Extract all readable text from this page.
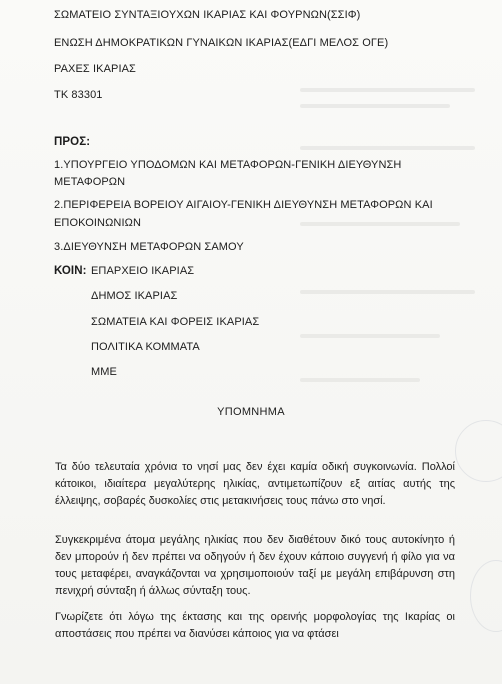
ΣΩΜΑΤΕΙΟ ΣΥΝΤΑΞΙΟΥΧΩΝ ΙΚΑΡΙΑΣ ΚΑΙ ΦΟΥΡΝΩΝ(ΣΣΙΦ)
ΕΝΩΣΗ ΔΗΜΟΚΡΑΤΙΚΩΝ ΓΥΝΑΙΚΩΝ ΙΚΑΡΙΑΣ(ΕΔΓΙ ΜΕΛΟΣ ΟΓΕ)
ΡΑΧΕΣ ΙΚΑΡΙΑΣ
ΤΚ 83301
ΠΡΟΣ:
1.ΥΠΟΥΡΓΕΙΟ ΥΠΟΔΟΜΩΝ ΚΑΙ ΜΕΤΑΦΟΡΩΝ-ΓΕΝΙΚΗ ΔΙΕΥΘΥΝΣΗ
ΜΕΤΑΦΟΡΩΝ
2.ΠΕΡΙΦΕΡΕΙΑ ΒΟΡΕΙΟΥ ΑΙΓΑΙΟΥ-ΓΕΝΙΚΗ ΔΙΕΥΘΥΝΣΗ ΜΕΤΑΦΟΡΩΝ ΚΑΙ
ΕΠΟΚΟΙΝΩΝΙΩΝ
3.ΔΙΕΥΘΥΝΣΗ ΜΕΤΑΦΟΡΩΝ ΣΑΜΟΥ
ΚΟΙΝ: ΕΠΑΡΧΕΙΟ ΙΚΑΡΙΑΣ
ΔΗΜΟΣ ΙΚΑΡΙΑΣ
ΣΩΜΑΤΕΙΑ ΚΑΙ ΦΟΡΕΙΣ ΙΚΑΡΙΑΣ
ΠΟΛΙΤΙΚΑ ΚΟΜΜΑΤΑ
ΜΜΕ
ΥΠΟΜΝΗΜΑ
Τα δύο τελευταία χρόνια το νησί μας δεν έχει καμία οδική συγκοινωνία. Πολλοί κάτοικοι, ιδιαίτερα μεγαλύτερης ηλικίας, αντιμετωπίζουν εξ αιτίας αυτής της έλλειψης, σοβαρές δυσκολίες στις μετακινήσεις τους πάνω στο νησί.
Συγκεκριμένα άτομα μεγάλης ηλικίας που δεν διαθέτουν δικό τους αυτοκίνητο ή δεν μπορούν ή δεν πρέπει να οδηγούν ή δεν έχουν κάποιο συγγενή ή φίλο για να τους μεταφέρει, αναγκάζονται να χρησιμοποιούν ταξί με μεγάλη επιβάρυνση στη πενιχρή σύνταξη ή άλλως σύνταξη τους.
Γνωρίζετε ότι λόγω της έκτασης και της ορεινής μορφολογίας της Ικαρίας οι αποστάσεις που πρέπει να διανύσει κάποιος για να φτάσει
